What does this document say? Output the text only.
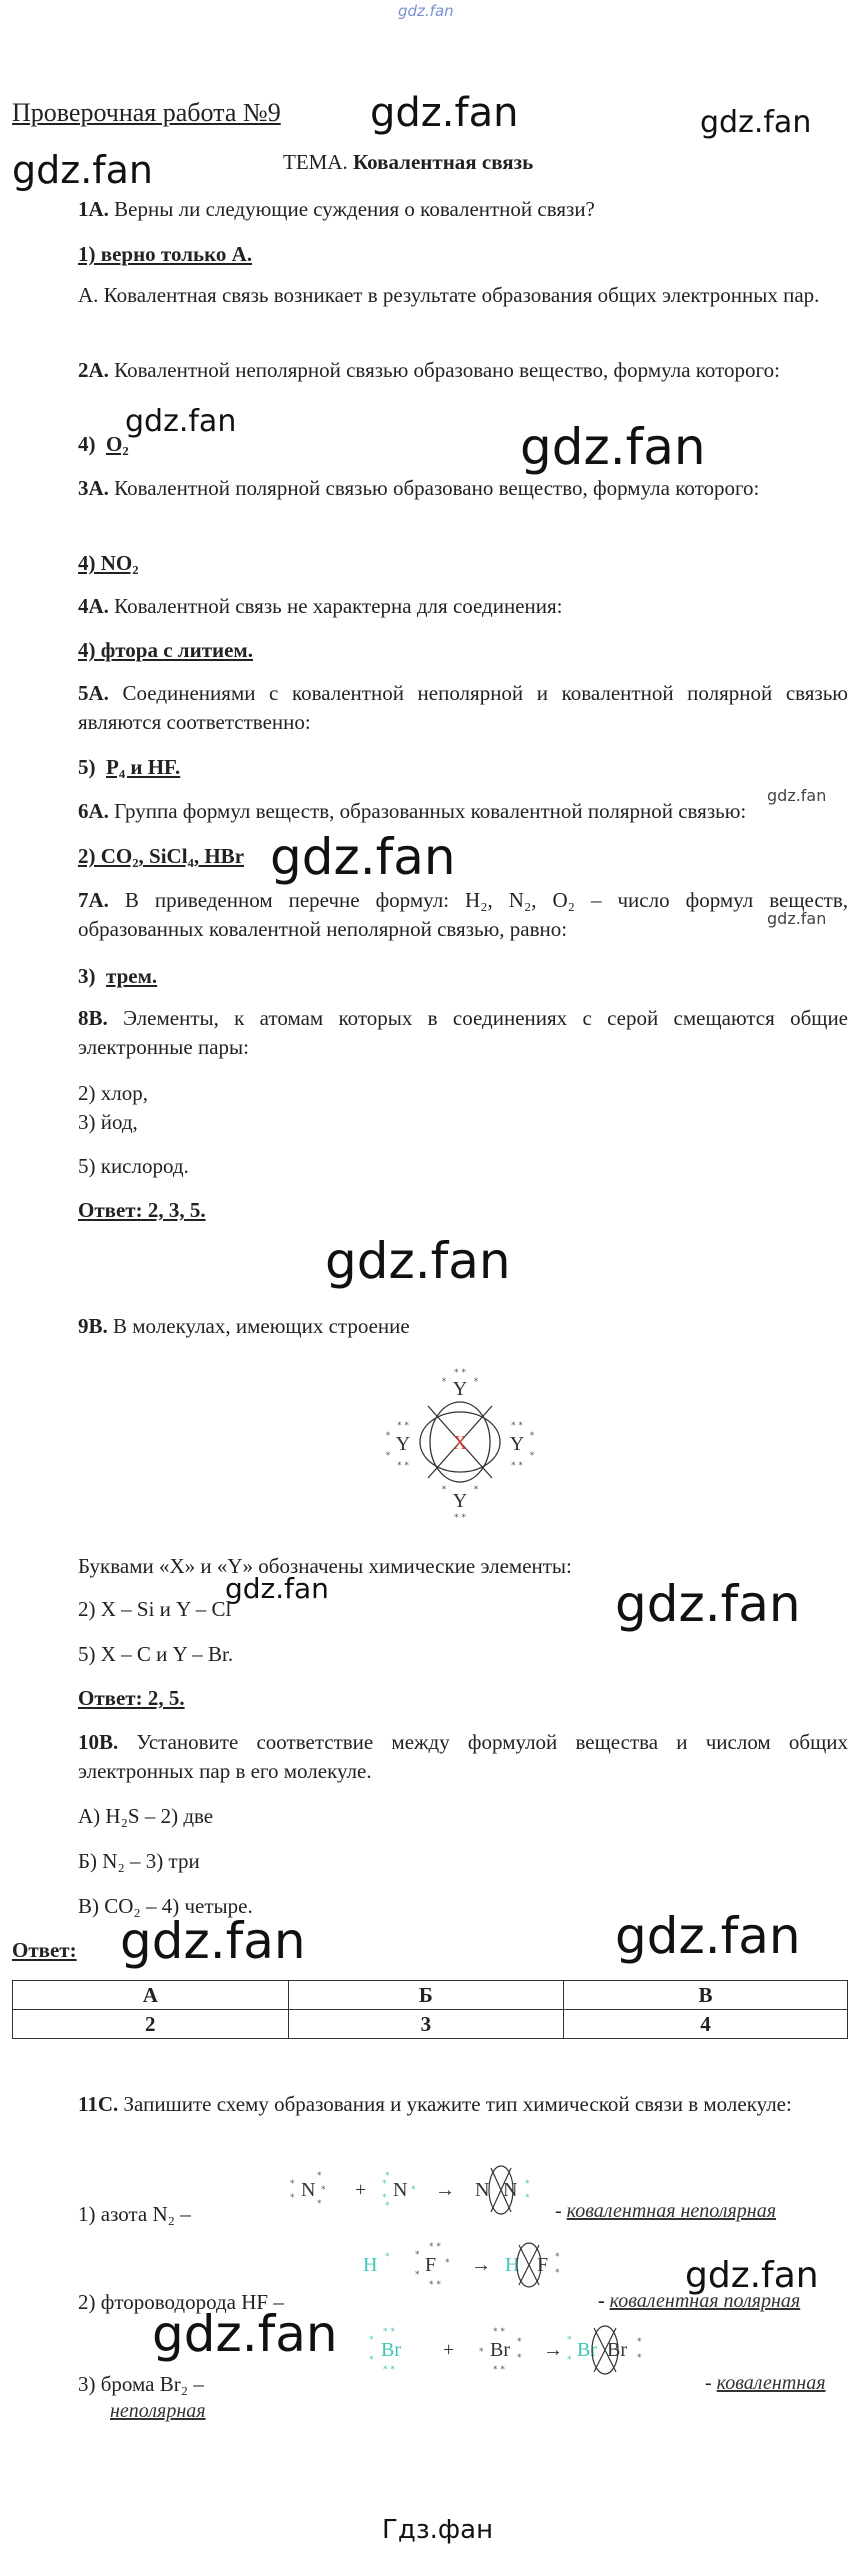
gdz.fan
gdz.fan	gdz.fan
gdz.fan
gdz.fan	gdz.fan
gdz.fan
gdz.fan
gdz.fan
gdz.fan
gdz.fan	gdz.fan
gdz.fan	gdz.fan
gdz.fan
gdz.fan
Гдз.фан
Проверочная работа №9
ТЕМА. Ковалентная связь
1А. Верны ли следующие суждения о ковалентной связи?
1) верно только А.
А. Ковалентная связь возникает в результате образования общих электронных пар.
2А. Ковалентной неполярной связью образовано вещество, формула которого:
4) O₂
3А. Ковалентной полярной связью образовано вещество, формула которого:
4) NO₂
4А. Ковалентной связь не характерна для соединения:
4) фтора с литием.
5А. Соединениями с ковалентной неполярной и ковалентной полярной связью являются соответственно:
5) P₄ и HF.
6А. Группа формул веществ, образованных ковалентной полярной связью:
2) CO₂, SiCl₄, HBr
7А. В приведенном перечне формул: H₂, N₂, O₂ – число формул веществ, образованных ковалентной неполярной связью, равно:
3) трем.
8В. Элементы, к атомам которых в соединениях с серой смещаются общие электронные пары:
2) хлор,
3) йод,
5) кислород.
Ответ: 2, 3, 5.
9В. В молекулах, имеющих строение
X
Y
Y
Y	Y
* *
* *
*	*
*	*
*
*
*
*
* *
* *
* *
* *
Буквами «X» и «Y» обозначены химические элементы:
2) X – Si и Y – Cl
5) X – C и Y – Br.
Ответ: 2, 5.
10В. Установите соответствие между формулой вещества и числом общих электронных пар в его молекуле.
А) H₂S – 2) две
Б) N₂ – 3) три
В) CO₂ – 4) четыре.
Ответ:
А	Б	В
2	3	4
11С. Запишите схему образования и укажите тип химической связи в молекуле:
1) азота N₂ –
N + N → N N
*
*
*
*
*
*
*
*
*
*
*
*
- ковалентная неполярная
H F → H F
*	*
*
* *
* *
*
*
*
2) фтороводорода HF –	- ковалентная полярная
Br + Br → Br Br
*
*
* *
* *
*
* *
* *
*
*
*
*
*
*
3) брома Br₂ –	- ковалентная
неполярная
